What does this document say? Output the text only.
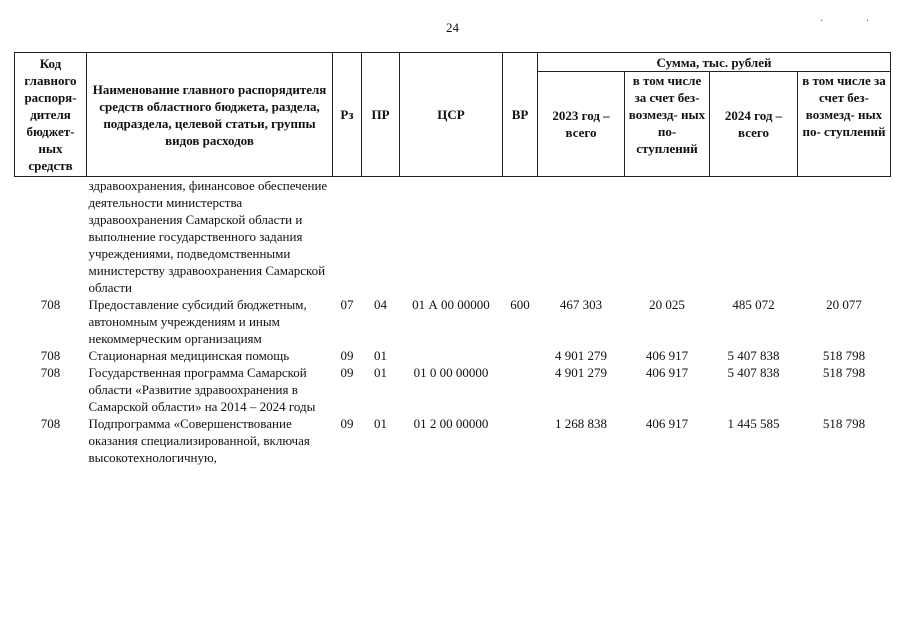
24	· ·
Код главного распоря- дителя бюджет- ных средств	Наименование главного распорядителя средств областного бюджета, раздела, подраздела, целевой статьи, группы видов расходов	Рз	ПР	ЦСР	ВР	Сумма, тыс. рублей			
						2023 год – всего	в том числе за счет без- возмезд- ных по- ступлений	2024 год – всего	в том числе за счет без- возмезд- ных по- ступлений
	здравоохранения, финансовое обеспечение деятельности министерства здравоохранения Самарской области и выполнение государственного задания учреждениями, подведомственными министерству здравоохранения Самарской области								
708	Предоставление субсидий бюджетным, автономным учреждениям и иным некоммерческим организациям	07	04	01 А 00 00000	600	467 303	20 025	485 072	20 077
708	Стационарная медицинская помощь	09	01			4 901 279	406 917	5 407 838	518 798
708	Государственная программа Самарской области «Развитие здравоохранения в Самарской области» на 2014 – 2024 годы	09	01	01 0 00 00000		4 901 279	406 917	5 407 838	518 798
708	Подпрограмма «Совершенствование оказания специализированной, включая высокотехнологичную,	09	01	01 2 00 00000		1 268 838	406 917	1 445 585	518 798
